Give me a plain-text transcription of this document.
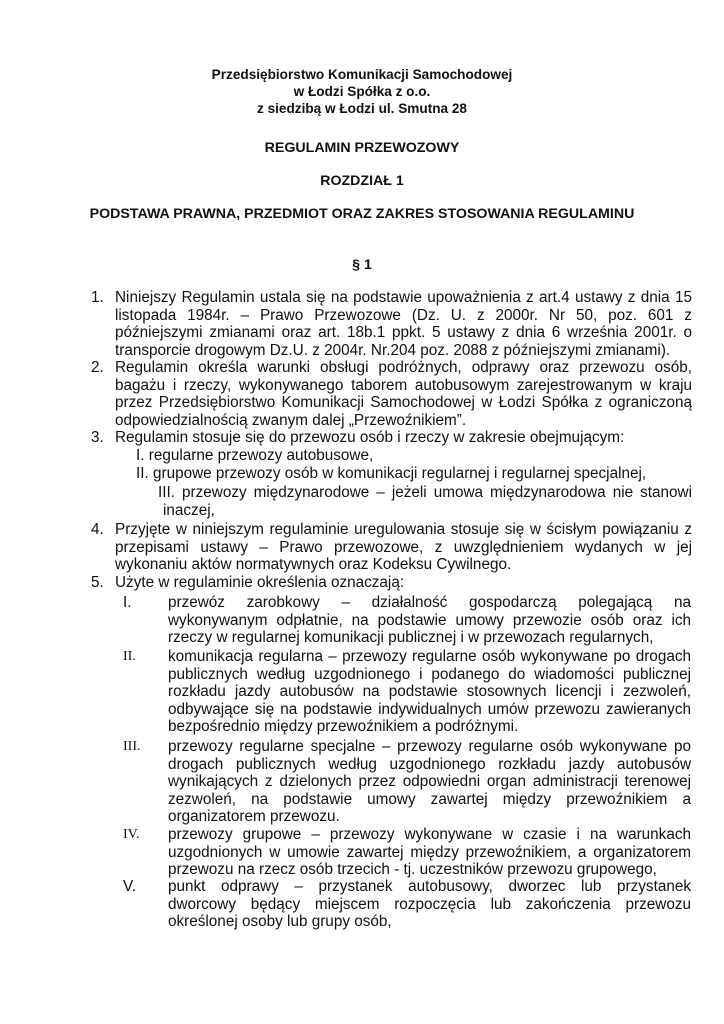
Przedsiębiorstwo Komunikacji Samochodowej
w Łodzi Spółka z o.o.
z siedzibą w Łodzi ul. Smutna 28
REGULAMIN PRZEWOZOWY
ROZDZIAŁ 1
PODSTAWA PRAWNA, PRZEDMIOT ORAZ ZAKRES STOSOWANIA REGULAMINU
§ 1
1. Niniejszy Regulamin ustala się na podstawie upoważnienia z art.4 ustawy z dnia 15
listopada 1984r. – Prawo Przewozowe (Dz. U. z 2000r. Nr 50, poz. 601 z
późniejszymi zmianami oraz art. 18b.1 ppkt. 5 ustawy z dnia 6 września 2001r. o
transporcie drogowym Dz.U. z 2004r. Nr.204 poz. 2088 z późniejszymi zmianami).
2. Regulamin określa warunki obsługi podróżnych, odprawy oraz przewozu osób,
bagażu i rzeczy, wykonywanego taborem autobusowym zarejestrowanym w kraju
przez Przedsiębiorstwo Komunikacji Samochodowej w Łodzi Spółka z ograniczoną
odpowiedzialnością zwanym dalej „Przewoźnikiem”.
3. Regulamin stosuje się do przewozu osób i rzeczy w zakresie obejmującym:
I. regularne przewozy autobusowe,
II. grupowe przewozy osób w komunikacji regularnej i regularnej specjalnej,
III. przewozy międzynarodowe – jeżeli umowa międzynarodowa nie stanowi
inaczej,
4. Przyjęte w niniejszym regulaminie uregulowania stosuje się w ścisłym powiązaniu z
przepisami ustawy – Prawo przewozowe, z uwzględnieniem wydanych w jej
wykonaniu aktów normatywnych oraz Kodeksu Cywilnego.
5. Użyte w regulaminie określenia oznaczają:
I. przewóz zarobkowy – działalność gospodarczą polegającą na
wykonywanym odpłatnie, na podstawie umowy przewozie osób oraz ich
rzeczy w regularnej komunikacji publicznej i w przewozach regularnych,
II. komunikacja regularna – przewozy regularne osób wykonywane po drogach
publicznych według uzgodnionego i podanego do wiadomości publicznej
rozkładu jazdy autobusów na podstawie stosownych licencji i zezwoleń,
odbywające się na podstawie indywidualnych umów przewozu zawieranych
bezpośrednio między przewoźnikiem a podróżnymi.
III. przewozy regularne specjalne – przewozy regularne osób wykonywane po
drogach publicznych według uzgodnionego rozkładu jazdy autobusów
wynikających z dzielonych przez odpowiedni organ administracji terenowej
zezwoleń, na podstawie umowy zawartej między przewoźnikiem a
organizatorem przewozu.
IV. przewozy grupowe – przewozy wykonywane w czasie i na warunkach
uzgodnionych w umowie zawartej między przewoźnikiem, a organizatorem
przewozu na rzecz osób trzecich - tj. uczestników przewozu grupowego,
V. punkt odprawy – przystanek autobusowy, dworzec lub przystanek
dworcowy będący miejscem rozpoczęcia lub zakończenia przewozu
określonej osoby lub grupy osób,
